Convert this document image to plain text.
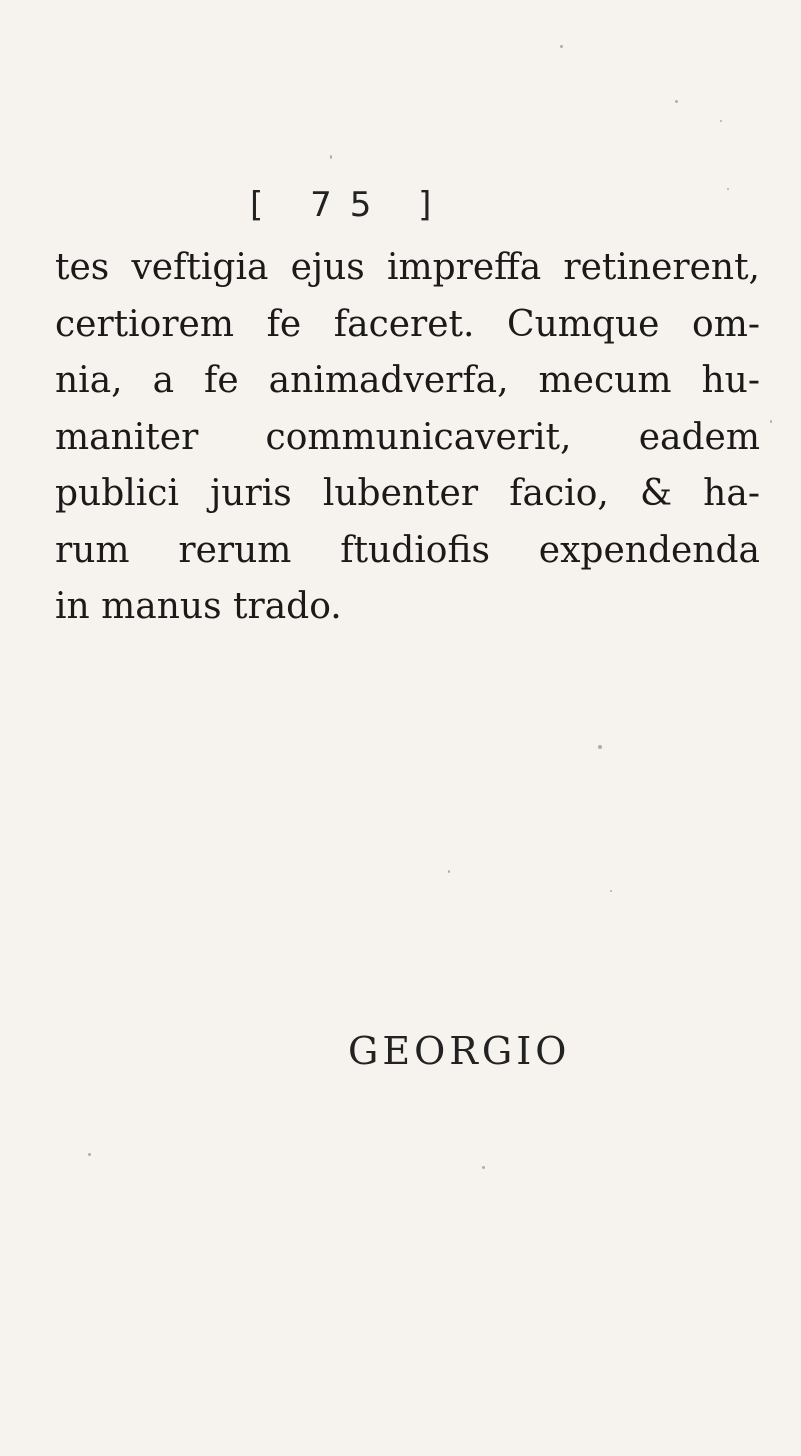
[ 75 ]

tes veftigia ejus impreffa retinerent,
certiorem fe faceret. Cumque om-
nia, a fe animadverfa, mecum hu-
maniter communicaverit, eadem
publici juris lubenter facio, & ha-
rum rerum ftudiofis expendenda
in manus trado.

GEORGIO
